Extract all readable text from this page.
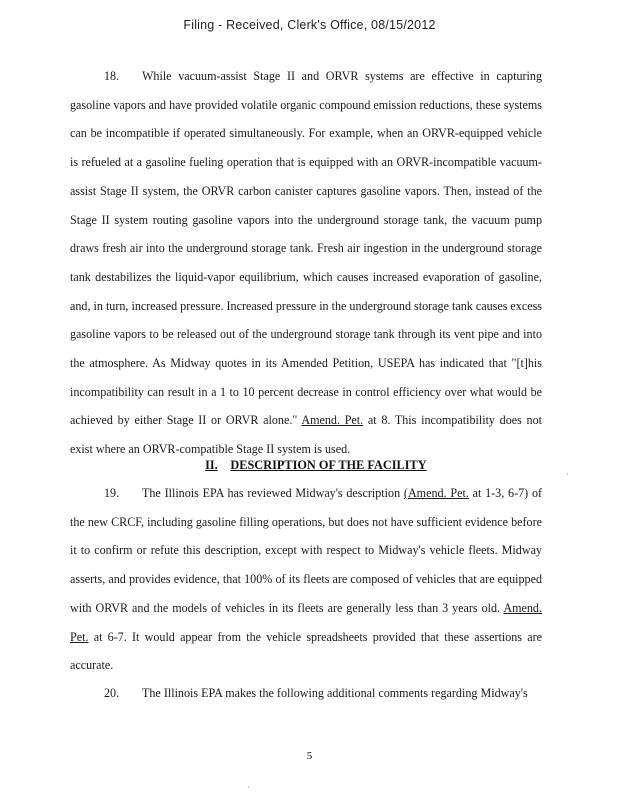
Filing - Received, Clerk's Office, 08/15/2012

18. While vacuum-assist Stage II and ORVR systems are effective in capturing gasoline vapors and have provided volatile organic compound emission reductions, these systems can be incompatible if operated simultaneously. For example, when an ORVR-equipped vehicle is refueled at a gasoline fueling operation that is equipped with an ORVR-incompatible vacuum-assist Stage II system, the ORVR carbon canister captures gasoline vapors. Then, instead of the Stage II system routing gasoline vapors into the underground storage tank, the vacuum pump draws fresh air into the underground storage tank. Fresh air ingestion in the underground storage tank destabilizes the liquid-vapor equilibrium, which causes increased evaporation of gasoline, and, in turn, increased pressure. Increased pressure in the underground storage tank causes excess gasoline vapors to be released out of the underground storage tank through its vent pipe and into the atmosphere. As Midway quotes in its Amended Petition, USEPA has indicated that "[t]his incompatibility can result in a 1 to 10 percent decrease in control efficiency over what would be achieved by either Stage II or ORVR alone." Amend. Pet. at 8. This incompatibility does not exist where an ORVR-compatible Stage II system is used.

II. DESCRIPTION OF THE FACILITY

19. The Illinois EPA has reviewed Midway's description (Amend. Pet. at 1-3, 6-7) of the new CRCF, including gasoline filling operations, but does not have sufficient evidence before it to confirm or refute this description, except with respect to Midway's vehicle fleets. Midway asserts, and provides evidence, that 100% of its fleets are composed of vehicles that are equipped with ORVR and the models of vehicles in its fleets are generally less than 3 years old. Amend. Pet. at 6-7. It would appear from the vehicle spreadsheets provided that these assertions are accurate.

20. The Illinois EPA makes the following additional comments regarding Midway's

5
·
·
